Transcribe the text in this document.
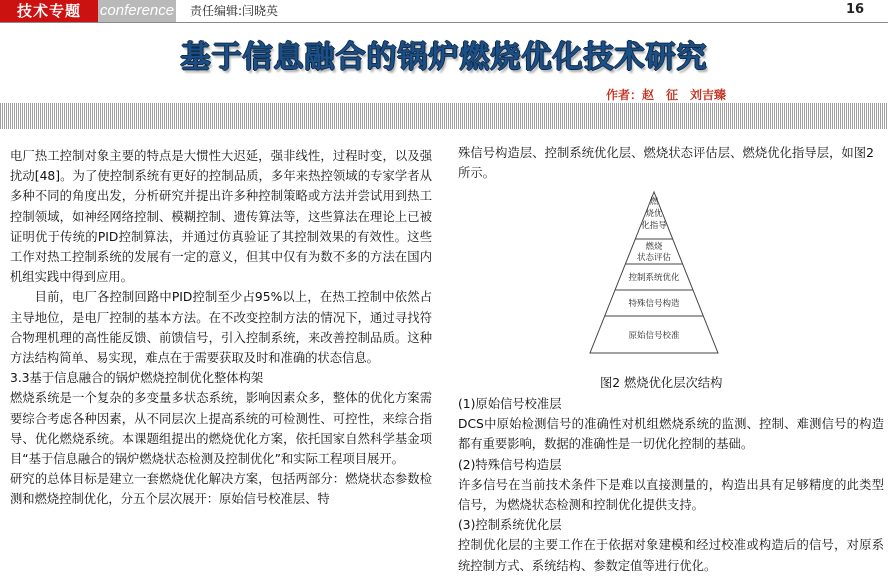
技术专题	conference 责任编辑:闫晓英	16
基于信息融合的锅炉燃烧优化技术研究
作者：赵　征　刘吉臻

电厂热工控制对象主要的特点是大惯性大迟延，强非线性，过程时变，以及强扰动[48]。为了使控制系统有更好的控制品质，多年来热控领域的专家学者从多种不同的角度出发，分析研究并提出许多种控制策略或方法并尝试用到热工控制领域，如神经网络控制、模糊控制、遗传算法等，这些算法在理论上已被证明优于传统的PID控制算法，并通过仿真验证了其控制效果的有效性。这些工作对热工控制系统的发展有一定的意义，但其中仅有为数不多的方法在国内机组实践中得到应用。

目前，电厂各控制回路中PID控制至少占95%以上，在热工控制中依然占主导地位，是电厂控制的基本方法。在不改变控制方法的情况下，通过寻找符合物理机理的高性能反馈、前馈信号，引入控制系统，来改善控制品质。这种方法结构简单、易实现，难点在于需要获取及时和准确的状态信息。

3.3基于信息融合的锅炉燃烧控制优化整体构架

燃烧系统是一个复杂的多变量多状态系统，影响因素众多，整体的优化方案需要综合考虑各种因素，从不同层次上提高系统的可检测性、可控性，来综合指导、优化燃烧系统。本课题组提出的燃烧优化方案，依托国家自然科学基金项目“基于信息融合的锅炉燃烧状态检测及控制优化”和实际工程项目展开。

研究的总体目标是建立一套燃烧优化解决方案，包括两部分：燃烧状态参数检测和燃烧控制优化，分五个层次展开：原始信号校准层、特

殊信号构造层、控制系统优化层、燃烧状态评估层、燃烧优化指导层，如图2所示。

燃
烧优
化指导
燃烧
状态评估
控制系统优化
特殊信号构造
原始信号校准
图2 燃烧优化层次结构

(1)原始信号校准层

DCS中原始检测信号的准确性对机组燃烧系统的监测、控制、难测信号的构造都有重要影响，数据的准确性是一切优化控制的基础。

(2)特殊信号构造层

许多信号在当前技术条件下是难以直接测量的，构造出具有足够精度的此类型信号，为燃烧状态检测和控制优化提供支持。

(3)控制系统优化层

控制优化层的主要工作在于依据对象建模和经过校准或构造后的信号，对原系统控制方式、系统结构、参数定值等进行优化。
